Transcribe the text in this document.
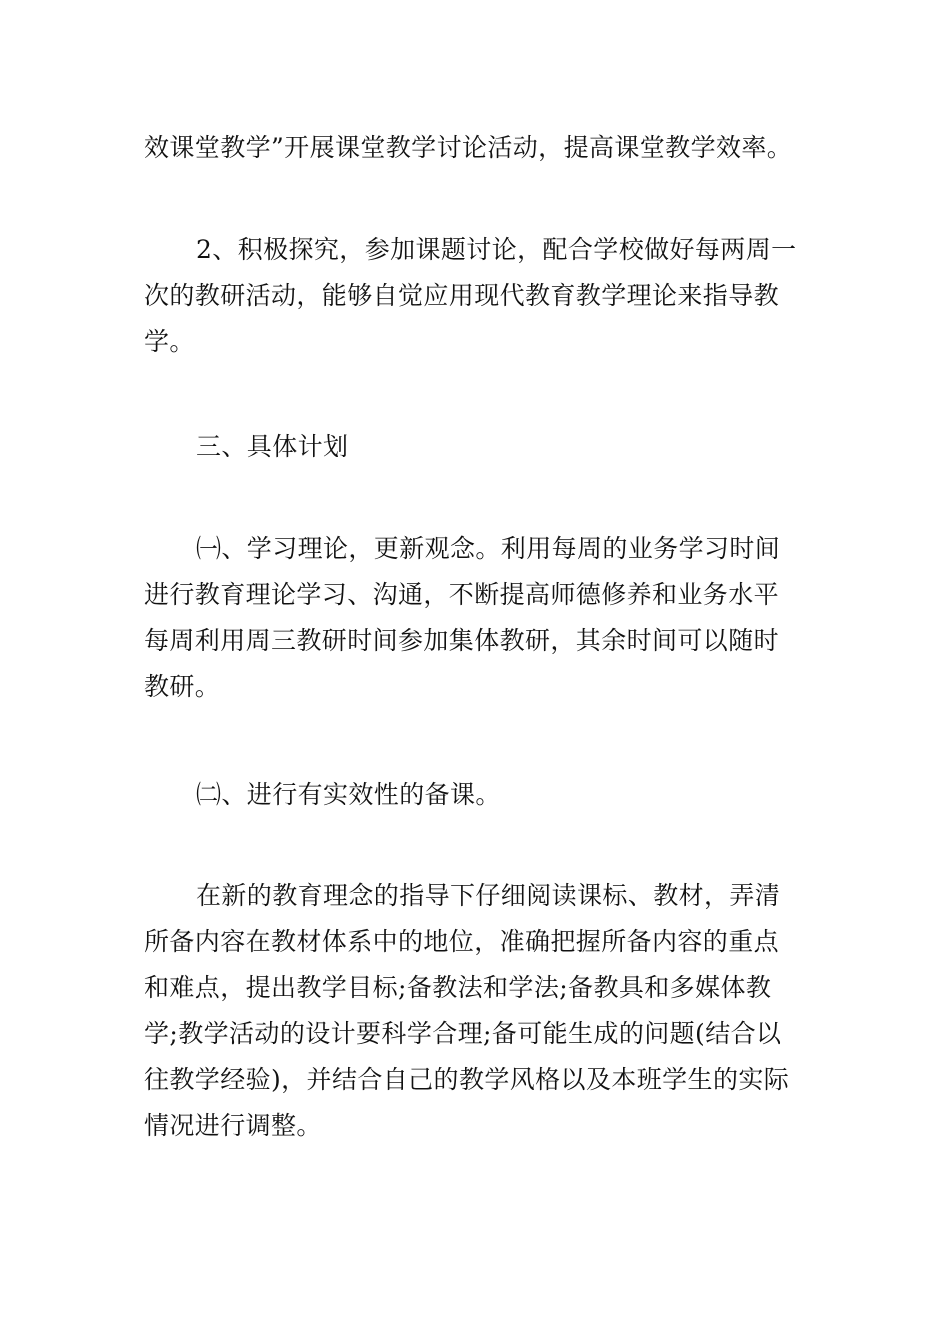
效课堂教学”开展课堂教学讨论活动，提高课堂教学效率。
2、积极探究，参加课题讨论，配合学校做好每两周一
次的教研活动，能够自觉应用现代教育教学理论来指导教
学。
三、具体计划
㈠、学习理论，更新观念。利用每周的业务学习时间
进行教育理论学习、沟通，不断提高师德修养和业务水平
每周利用周三教研时间参加集体教研，其余时间可以随时
教研。
㈡、进行有实效性的备课。
在新的教育理念的指导下仔细阅读课标、教材，弄清
所备内容在教材体系中的地位，准确把握所备内容的重点
和难点，提出教学目标;备教法和学法;备教具和多媒体教
学;教学活动的设计要科学合理;备可能生成的问题(结合以
往教学经验)，并结合自己的教学风格以及本班学生的实际
情况进行调整。
